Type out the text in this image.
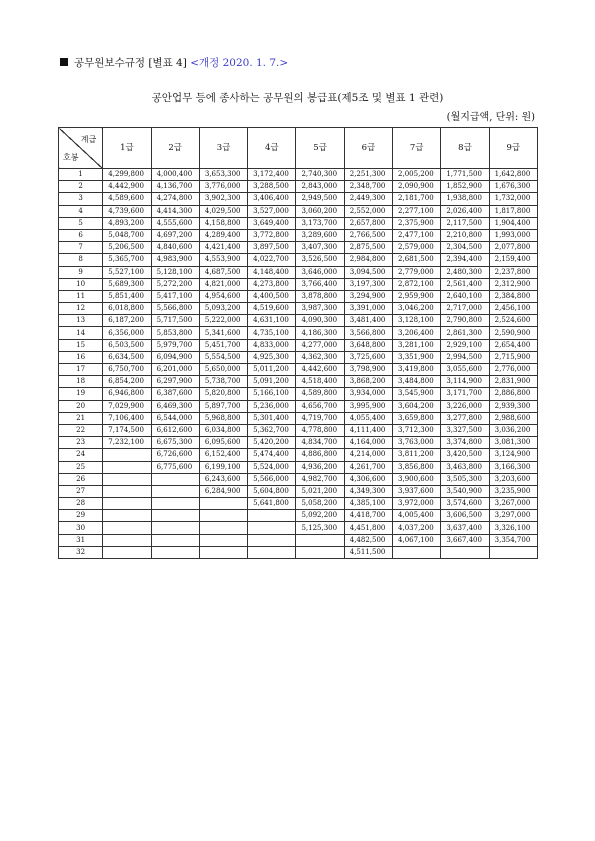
공무원보수규정 [별표 4] <개정 2020. 1. 7.>
공안업무 등에 종사하는 공무원의 봉급표(제5조 및 별표 1 관련)
(월지급액, 단위: 원)
계급
호봉	1급	2급	3급	4급	5급	6급	7급	8급	9급
1	4,299,800	4,000,400	3,653,300	3,172,400	2,740,300	2,251,300	2,005,200	1,771,500	1,642,800
2	4,442,900	4,136,700	3,776,000	3,288,500	2,843,000	2,348,700	2,090,900	1,852,900	1,676,300
3	4,589,600	4,274,800	3,902,300	3,406,400	2,949,500	2,449,300	2,181,700	1,938,800	1,732,000
4	4,739,600	4,414,300	4,029,500	3,527,000	3,060,200	2,552,000	2,277,100	2,026,400	1,817,800
5	4,893,200	4,555,600	4,158,800	3,649,400	3,173,700	2,657,800	2,375,900	2,117,500	1,904,400
6	5,048,700	4,697,200	4,289,400	3,772,800	3,289,600	2,766,500	2,477,100	2,210,800	1,993,000
7	5,206,500	4,840,600	4,421,400	3,897,500	3,407,300	2,875,500	2,579,000	2,304,500	2,077,800
8	5,365,700	4,983,900	4,553,900	4,022,700	3,526,500	2,984,800	2,681,500	2,394,400	2,159,400
9	5,527,100	5,128,100	4,687,500	4,148,400	3,646,000	3,094,500	2,779,000	2,480,300	2,237,800
10	5,689,300	5,272,200	4,821,000	4,273,800	3,766,400	3,197,300	2,872,100	2,561,400	2,312,900
11	5,851,400	5,417,100	4,954,600	4,400,500	3,878,800	3,294,900	2,959,900	2,640,100	2,384,800
12	6,018,800	5,566,800	5,093,200	4,519,600	3,987,300	3,391,000	3,046,200	2,717,000	2,456,100
13	6,187,200	5,717,500	5,222,000	4,631,100	4,090,300	3,481,400	3,128,100	2,790,800	2,524,600
14	6,356,000	5,853,800	5,341,600	4,735,100	4,186,300	3,566,800	3,206,400	2,861,300	2,590,900
15	6,503,500	5,979,700	5,451,700	4,833,000	4,277,000	3,648,800	3,281,100	2,929,100	2,654,400
16	6,634,500	6,094,900	5,554,500	4,925,300	4,362,300	3,725,600	3,351,900	2,994,500	2,715,900
17	6,750,700	6,201,000	5,650,000	5,011,200	4,442,600	3,798,900	3,419,800	3,055,600	2,776,000
18	6,854,200	6,297,900	5,738,700	5,091,200	4,518,400	3,868,200	3,484,800	3,114,900	2,831,900
19	6,946,800	6,387,600	5,820,800	5,166,100	4,589,800	3,934,000	3,545,900	3,171,700	2,886,800
20	7,029,900	6,469,300	5,897,700	5,236,000	4,656,700	3,995,900	3,604,200	3,226,000	2,939,300
21	7,106,400	6,544,000	5,968,800	5,301,400	4,719,700	4,055,400	3,659,800	3,277,800	2,988,600
22	7,174,500	6,612,600	6,034,800	5,362,700	4,778,800	4,111,400	3,712,300	3,327,500	3,036,200
23	7,232,100	6,675,300	6,095,600	5,420,200	4,834,700	4,164,000	3,763,000	3,374,800	3,081,300
24		6,726,600	6,152,400	5,474,400	4,886,800	4,214,000	3,811,200	3,420,500	3,124,900
25		6,775,600	6,199,100	5,524,000	4,936,200	4,261,700	3,856,800	3,463,800	3,166,300
26			6,243,600	5,566,000	4,982,700	4,306,600	3,900,600	3,505,300	3,203,600
27			6,284,900	5,604,800	5,021,200	4,349,300	3,937,600	3,540,900	3,235,900
28				5,641,800	5,058,200	4,385,100	3,972,000	3,574,600	3,267,000
29					5,092,200	4,418,700	4,005,400	3,606,500	3,297,000
30					5,125,300	4,451,800	4,037,200	3,637,400	3,326,100
31						4,482,500	4,067,100	3,667,400	3,354,700
32						4,511,500			
